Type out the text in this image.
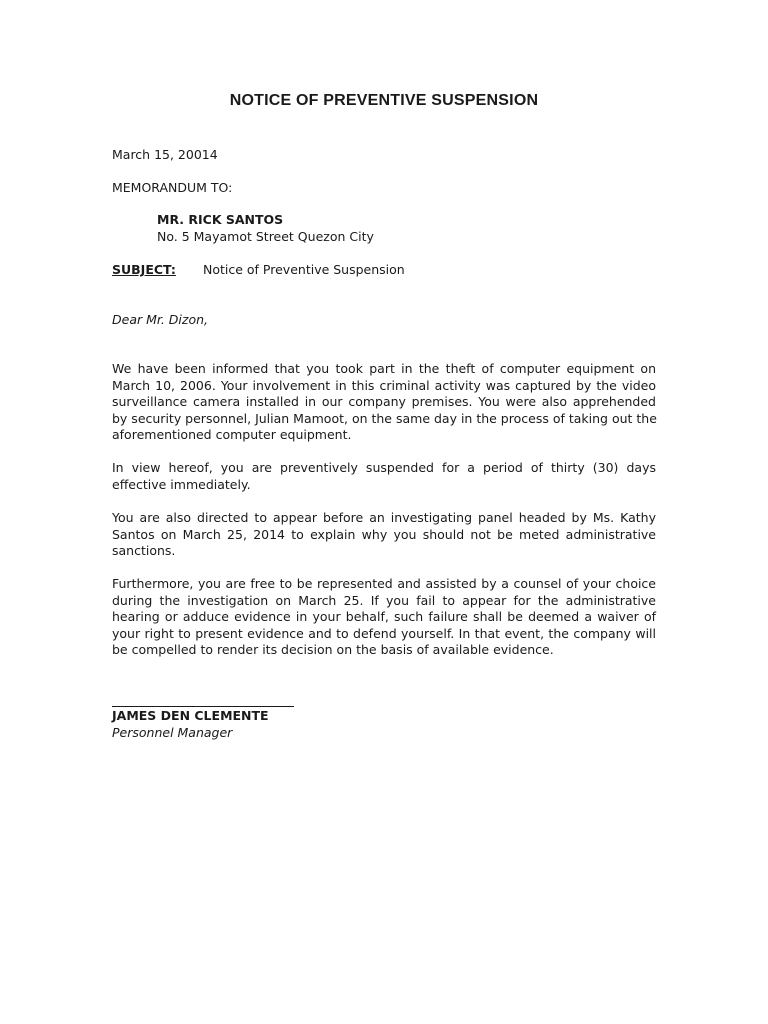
NOTICE OF PREVENTIVE SUSPENSION
March 15, 20014
MEMORANDUM TO:
MR. RICK SANTOS
No. 5 Mayamot Street Quezon City
SUBJECT: Notice of Preventive Suspension
Dear Mr. Dizon,
We have been informed that you took part in the theft of computer equipment on
March 10, 2006. Your involvement in this criminal activity was captured by the video
surveillance camera installed in our company premises. You were also apprehended
by security personnel, Julian Mamoot, on the same day in the process of taking out the
aforementioned computer equipment.
In view hereof, you are preventively suspended for a period of thirty (30) days
effective immediately.
You are also directed to appear before an investigating panel headed by Ms. Kathy
Santos on March 25, 2014 to explain why you should not be meted administrative
sanctions.
Furthermore, you are free to be represented and assisted by a counsel of your choice
during the investigation on March 25. If you fail to appear for the administrative
hearing or adduce evidence in your behalf, such failure shall be deemed a waiver of
your right to present evidence and to defend yourself. In that event, the company will
be compelled to render its decision on the basis of available evidence.
JAMES DEN CLEMENTE
Personnel Manager
